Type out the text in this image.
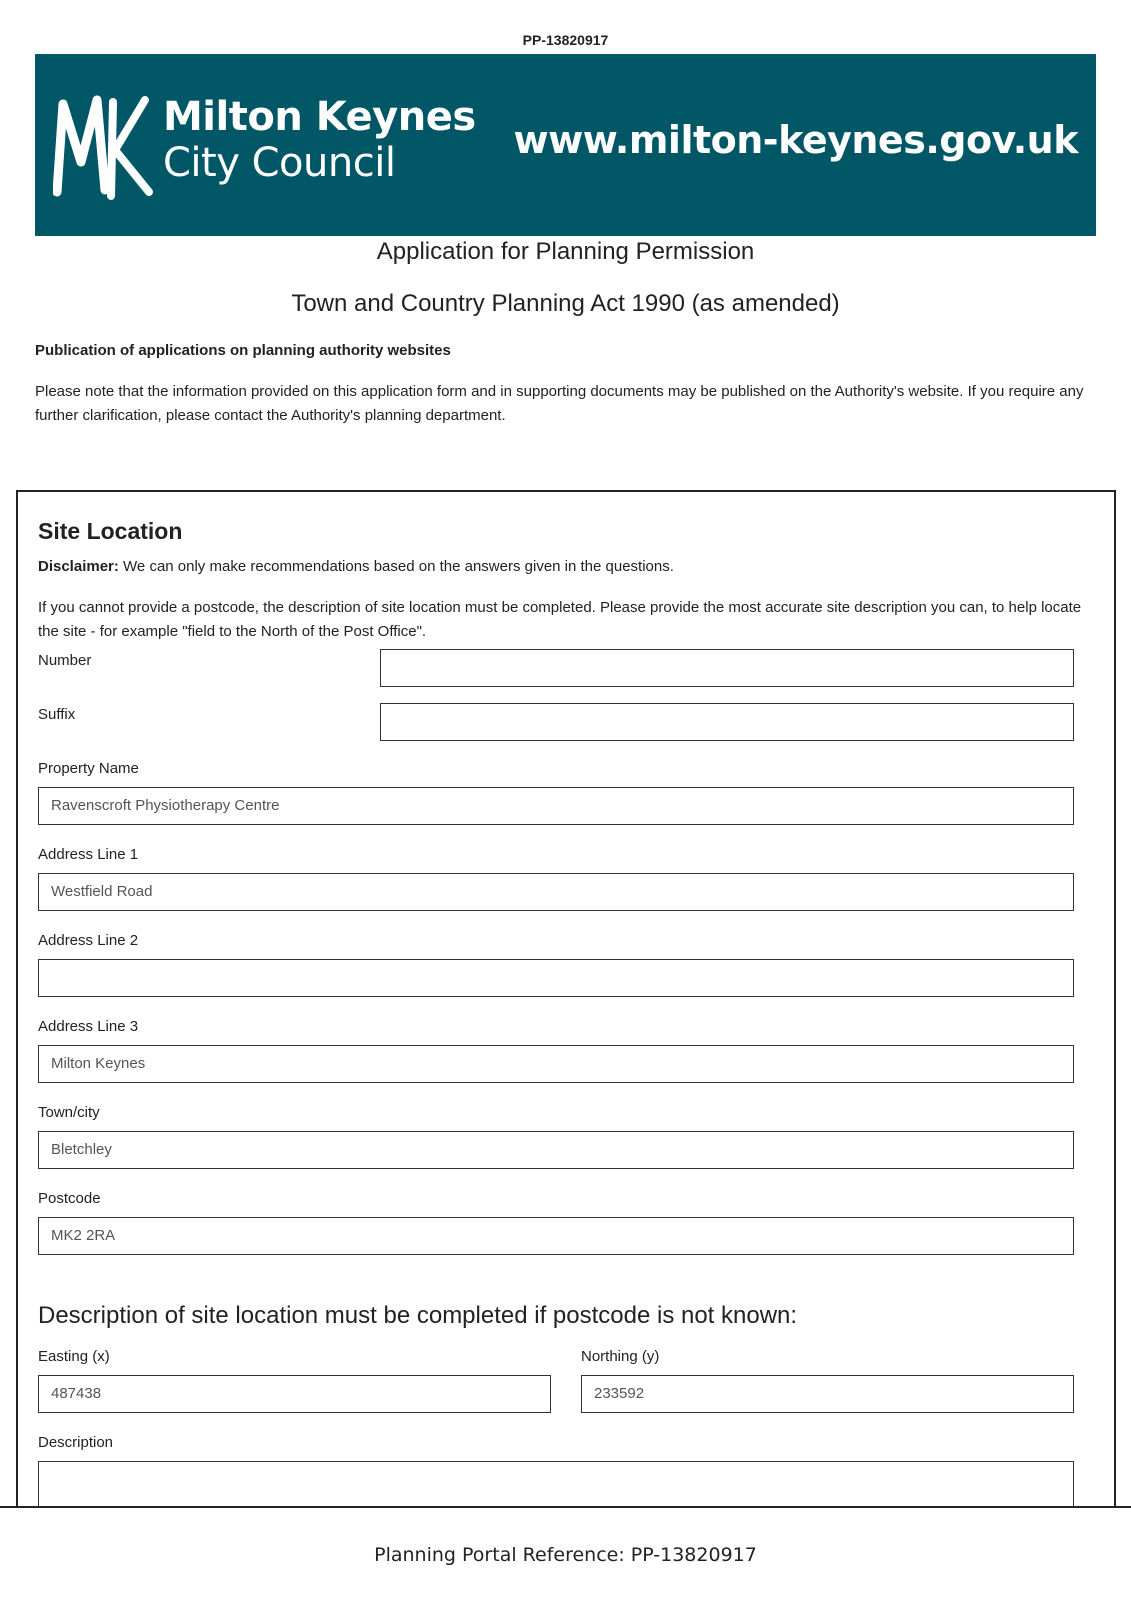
PP-13820917
Milton Keynes
City Council	www.milton-keynes.gov.uk
Application for Planning Permission
Town and Country Planning Act 1990 (as amended)
Publication of applications on planning authority websites
Please note that the information provided on this application form and in supporting documents may be published on the Authority's website. If you require any further clarification, please contact the Authority's planning department.
Site Location
Disclaimer: We can only make recommendations based on the answers given in the questions.
If you cannot provide a postcode, the description of site location must be completed. Please provide the most accurate site description you can, to help locate the site - for example "field to the North of the Post Office".
Number
Suffix
Property Name
Ravenscroft Physiotherapy Centre
Address Line 1
Westfield Road
Address Line 2
Address Line 3
Milton Keynes
Town/city
Bletchley
Postcode
MK2 2RA
Description of site location must be completed if postcode is not known:
Easting (x)
487438
Northing (y)
233592
Description
Planning Portal Reference: PP-13820917
